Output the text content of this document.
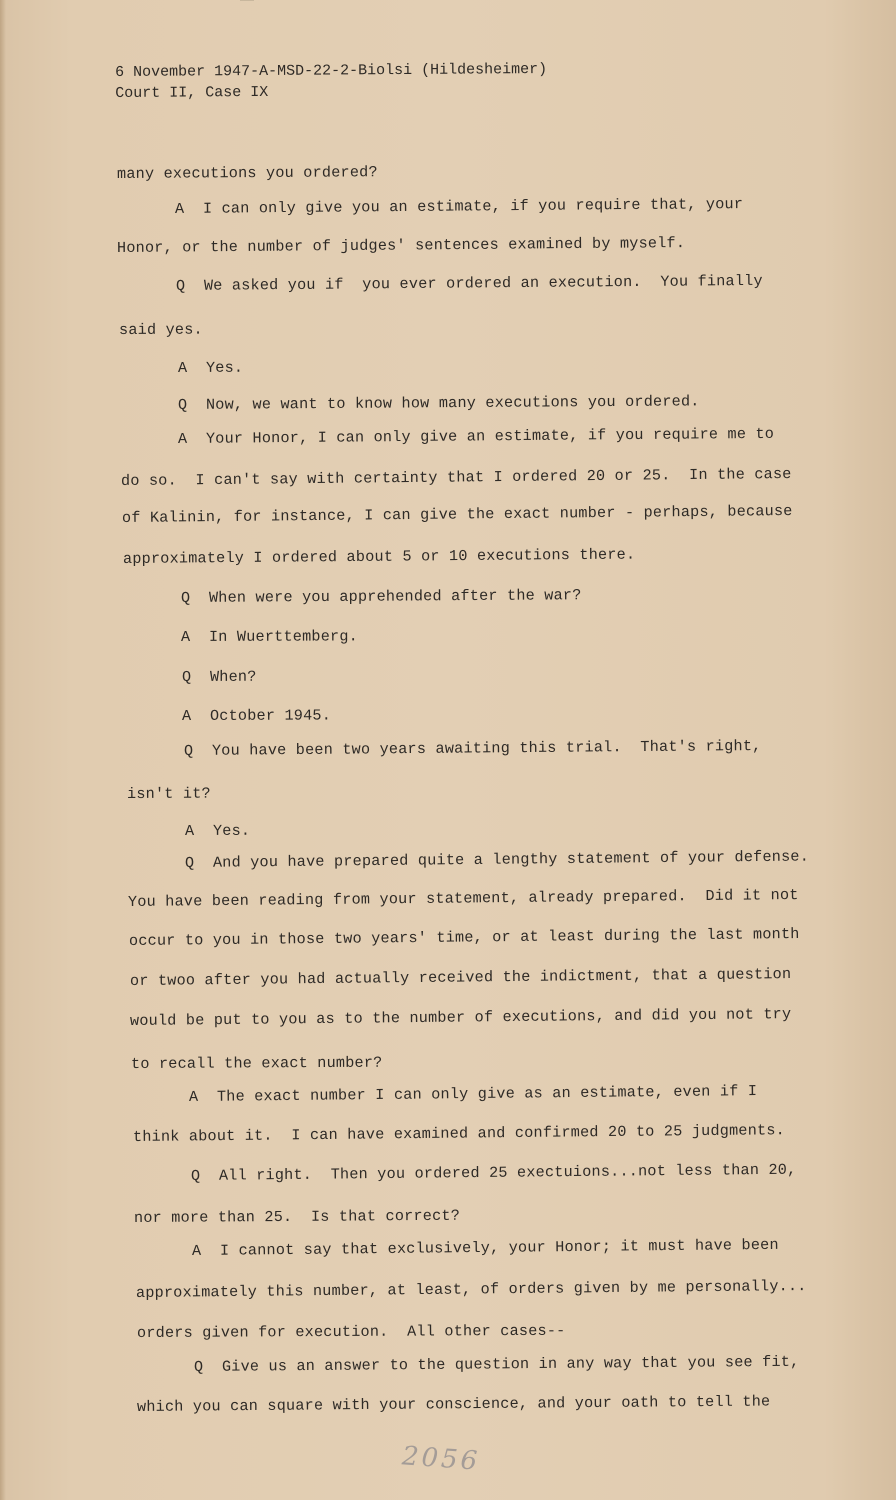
6 November 1947-A-MSD-22-2-Biolsi (Hildesheimer)
Court II, Case IX
many executions you ordered?
A  I can only give you an estimate, if you require that, your
Honor, or the number of judges' sentences examined by myself.
Q  We asked you if  you ever ordered an execution.  You finally
said yes.
A  Yes.
Q  Now, we want to know how many executions you ordered.
A  Your Honor, I can only give an estimate, if you require me to
do so.  I can't say with certainty that I ordered 20 or 25.  In the case
of Kalinin, for instance, I can give the exact number - perhaps, because
approximately I ordered about 5 or 10 executions there.
Q  When were you apprehended after the war?
A  In Wuerttemberg.
Q  When?
A  October 1945.
Q  You have been two years awaiting this trial.  That's right,
isn't it?
A  Yes.
Q  And you have prepared quite a lengthy statement of your defense.
You have been reading from your statement, already prepared.  Did it not
occur to you in those two years' time, or at least during the last month
or twoo after you had actually received the indictment, that a question
would be put to you as to the number of executions, and did you not try
to recall the exact number?
A  The exact number I can only give as an estimate, even if I
think about it.  I can have examined and confirmed 20 to 25 judgments.
Q  All right.  Then you ordered 25 exectuions...not less than 20,
nor more than 25.  Is that correct?
A  I cannot say that exclusively, your Honor; it must have been
approximately this number, at least, of orders given by me personally...
orders given for execution.  All other cases--
Q  Give us an answer to the question in any way that you see fit,
which you can square with your conscience, and your oath to tell the
2056
